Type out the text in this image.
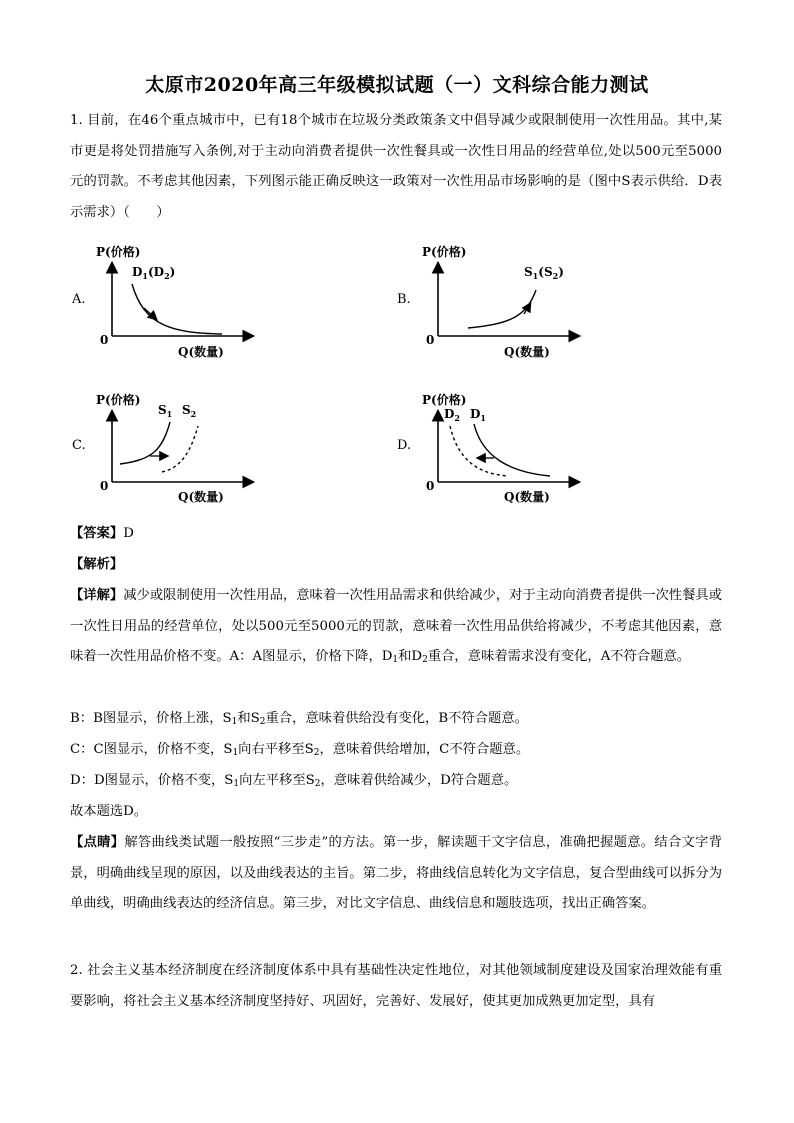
太原市2020年高三年级模拟试题（一）文科综合能力测试
1. 目前，在46个重点城市中，已有18个城市在垃圾分类政策条文中倡导减少或限制使用一次性用品。其中,某市更是将处罚措施写入条例,对于主动向消费者提供一次性餐具或一次性日用品的经营单位,处以500元至5000元的罚款。不考虑其他因素，下列图示能正确反映这一政策对一次性用品市场影响的是（图中S表示供给．D表示需求）（　　）
A.	B.
C.	D.
P(价格)
0
Q(数量)
$D_1(D_2)$
P(价格)
0
Q(数量)
$S_1(S_2)$
P(价格)
0
Q(数量)
$S_1$ $S_2$
P(价格)
0
Q(数量)
$D_2$ $D_1$
【答案】D
【解析】
【详解】减少或限制使用一次性用品，意味着一次性用品需求和供给减少，对于主动向消费者提供一次性餐具或一次性日用品的经营单位，处以500元至5000元的罚款，意味着一次性用品供给将减少，不考虑其他因素，意味着一次性用品价格不变。A：A图显示，价格下降，$D_1$和$D_2$重合，意味着需求没有变化，A不符合题意。
B：B图显示，价格上涨，$S_1$和$S_2$重合，意味着供给没有变化，B不符合题意。
C：C图显示，价格不变，$S_1$向右平移至$S_2$，意味着供给增加，C不符合题意。
D：D图显示，价格不变，$S_1$向左平移至$S_2$，意味着供给减少，D符合题意。
故本题选D。
【点睛】解答曲线类试题一般按照“三步走”的方法。第一步，解读题干文字信息，准确把握题意。结合文字背景，明确曲线呈现的原因，以及曲线表达的主旨。第二步，将曲线信息转化为文字信息，复合型曲线可以拆分为单曲线，明确曲线表达的经济信息。第三步，对比文字信息、曲线信息和题肢选项，找出正确答案。
2. 社会主义基本经济制度在经济制度体系中具有基础性决定性地位，对其他领域制度建设及国家治理效能有重要影响，将社会主义基本经济制度坚持好、巩固好，完善好、发展好，使其更加成熟更加定型，具有
